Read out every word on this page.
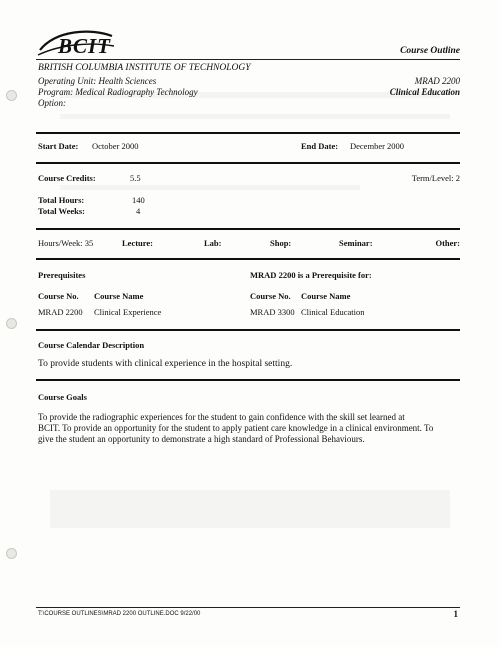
BCIT	Course Outline
BRITISH COLUMBIA INSTITUTE OF TECHNOLOGY
Operating Unit: Health Sciences
Program: Medical Radiography Technology
Option:
MRAD 2200
Clinical Education
Start Date: October 2000	End Date: December 2000
Course Credits:	5.5	Term/Level: 2
Total Hours:	140
Total Weeks:	4
Hours/Week: 35	Lecture:	Lab:	Shop:	Seminar:	Other:
Prerequisites	MRAD 2200 is a Prerequisite for:
Course No. Course Name	Course No. Course Name
MRAD 2200 Clinical Experience	MRAD 3300 Clinical Education
Course Calendar Description
To provide students with clinical experience in the hospital setting.
Course Goals
To provide the radiographic experiences for the student to gain confidence with the skill set learned at
BCIT. To provide an opportunity for the student to apply patient care knowledge in a clinical environment. To
give the student an opportunity to demonstrate a high standard of Professional Behaviours.
T:\COURSE OUTLINES\MRAD 2200 OUTLINE.DOC 9/22/00	1
